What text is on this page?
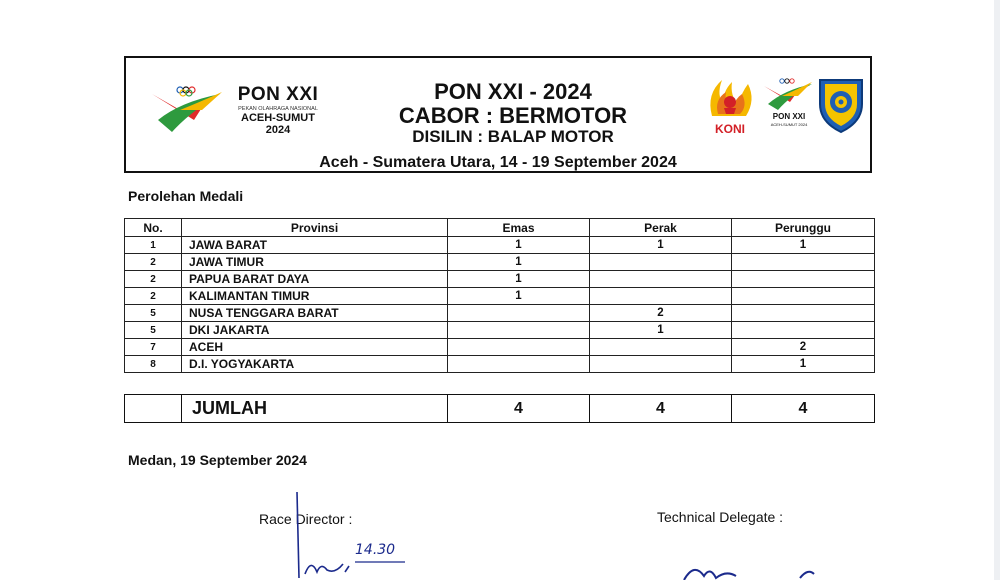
PON XXI
PEKAN OLAHRAGA NASIONAL
ACEH-SUMUT
2024
PON XXI - 2024
CABOR : BERMOTOR
DISILIN : BALAP MOTOR
Aceh - Sumatera Utara, 14 - 19 September 2024
KONI
PON XXI
ACEH-SUMUT 2024
Perolehan Medali
No.	Provinsi	Emas	Perak	Perunggu
1	JAWA BARAT	1	1	1
2	JAWA TIMUR	1		
2	PAPUA BARAT DAYA	1		
2	KALIMANTAN TIMUR	1		
5	NUSA TENGGARA BARAT		2	
5	DKI JAKARTA		1	
7	ACEH			2
8	D.I. YOGYAKARTA			1
	JUMLAH	4	4	4
Medan, 19 September 2024
Race Director :	Technical Delegate :
14.30
